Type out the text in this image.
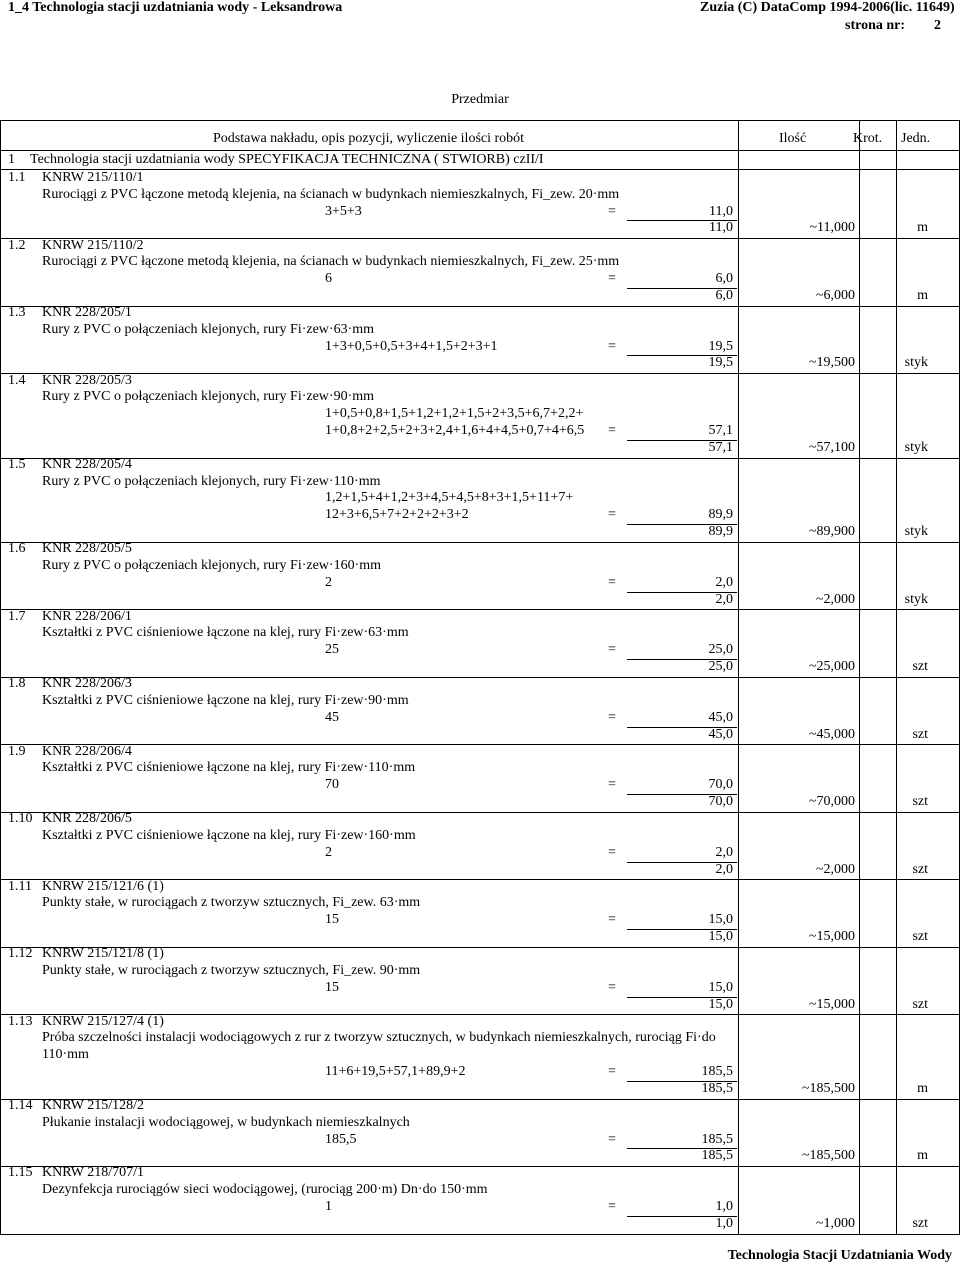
1_4 Technologia stacji uzdatniania wody - Leksandrowa	Zuzia (C) DataComp 1994-2006(lic. 11649)
strona nr: 2
Przedmiar
Podstawa nakładu, opis pozycji, wyliczenie ilości robót	Ilość	Krot. Jedn.
1 Technologia stacji uzdatniania wody SPECYFIKACJA TECHNICZNA ( STWIORB) czII/I
1.1 KNRW 215/110/1
Rurociągi z PVC łączone metodą klejenia, na ścianach w budynkach niemieszkalnych, Fi_zew. 20·mm
3+5+3	=	11,0
11,0	~11,000	m
1.2 KNRW 215/110/2
Rurociągi z PVC łączone metodą klejenia, na ścianach w budynkach niemieszkalnych, Fi_zew. 25·mm
6	=	6,0
6,0	~6,000	m
1.3 KNR 228/205/1
Rury z PVC o połączeniach klejonych, rury Fi·zew·63·mm
1+3+0,5+0,5+3+4+1,5+2+3+1	=	19,5
19,5	~19,500	styk
1.4 KNR 228/205/3
Rury z PVC o połączeniach klejonych, rury Fi·zew·90·mm
1+0,5+0,8+1,5+1,2+1,2+1,5+2+3,5+6,7+2,2+
1+0,8+2+2,5+2+3+2,4+1,6+4+4,5+0,7+4+6,5 =	57,1
57,1	~57,100	styk
1.5 KNR 228/205/4
Rury z PVC o połączeniach klejonych, rury Fi·zew·110·mm
1,2+1,5+4+1,2+3+4,5+4,5+8+3+1,5+11+7+
12+3+6,5+7+2+2+2+3+2	=	89,9
89,9	~89,900	styk
1.6 KNR 228/205/5
Rury z PVC o połączeniach klejonych, rury Fi·zew·160·mm
2	=	2,0
2,0	~2,000	styk
1.7 KNR 228/206/1
Kształtki z PVC ciśnieniowe łączone na klej, rury Fi·zew·63·mm
25	=	25,0
25,0	~25,000	szt
1.8 KNR 228/206/3
Kształtki z PVC ciśnieniowe łączone na klej, rury Fi·zew·90·mm
45	=	45,0
45,0	~45,000	szt
1.9 KNR 228/206/4
Kształtki z PVC ciśnieniowe łączone na klej, rury Fi·zew·110·mm
70	=	70,0
70,0	~70,000	szt
1.10 KNR 228/206/5
Kształtki z PVC ciśnieniowe łączone na klej, rury Fi·zew·160·mm
2	=	2,0
2,0	~2,000	szt
1.11 KNRW 215/121/6 (1)
Punkty stałe, w rurociągach z tworzyw sztucznych, Fi_zew. 63·mm
15	=	15,0
15,0	~15,000	szt
1.12 KNRW 215/121/8 (1)
Punkty stałe, w rurociągach z tworzyw sztucznych, Fi_zew. 90·mm
15	=	15,0
15,0	~15,000	szt
1.13 KNRW 215/127/4 (1)
Próba szczelności instalacji wodociągowych z rur z tworzyw sztucznych, w budynkach niemieszkalnych, rurociąg Fi·do
110·mm
11+6+19,5+57,1+89,9+2	=	185,5
185,5	~185,500	m
1.14 KNRW 215/128/2
Płukanie instalacji wodociągowej, w budynkach niemieszkalnych
185,5	=	185,5
185,5	~185,500	m
1.15 KNRW 218/707/1
Dezynfekcja rurociągów sieci wodociągowej, (rurociąg 200·m) Dn·do 150·mm
1	=	1,0
1,0	~1,000	szt
Technologia Stacji Uzdatniania Wody
